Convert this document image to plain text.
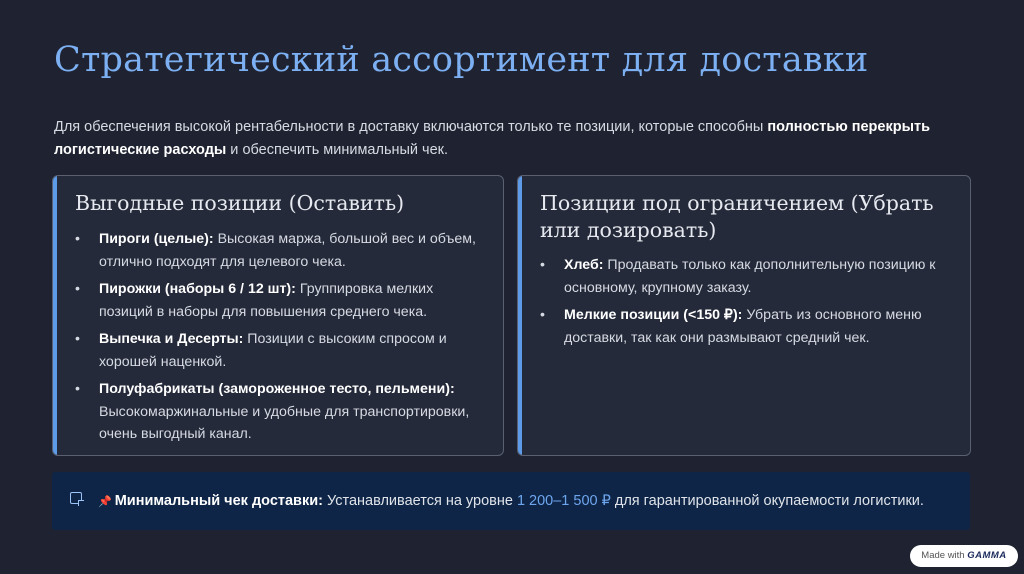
Стратегический ассортимент для доставки
Для обеспечения высокой рентабельности в доставку включаются только те позиции, которые способны полностью перекрыть логистические расходы и обеспечить минимальный чек.
Выгодные позиции (Оставить)
• Пироги (целые): Высокая маржа, большой вес и объем, отлично подходят для целевого чека.
• Пирожки (наборы 6 / 12 шт): Группировка мелких позиций в наборы для повышения среднего чека.
• Выпечка и Десерты: Позиции с высоким спросом и хорошей наценкой.
• Полуфабрикаты (замороженное тесто, пельмени): Высокомаржинальные и удобные для транспортировки, очень выгодный канал.
Позиции под ограничением (Убрать или дозировать)
• Хлеб: Продавать только как дополнительную позицию к основному, крупному заказу.
• Мелкие позиции (<150 ₽): Убрать из основного меню доставки, так как они размывают средний чек.
📌 Минимальный чек доставки: Устанавливается на уровне 1 200–1 500 ₽ для гарантированной окупаемости логистики.
Made with GAMMA
